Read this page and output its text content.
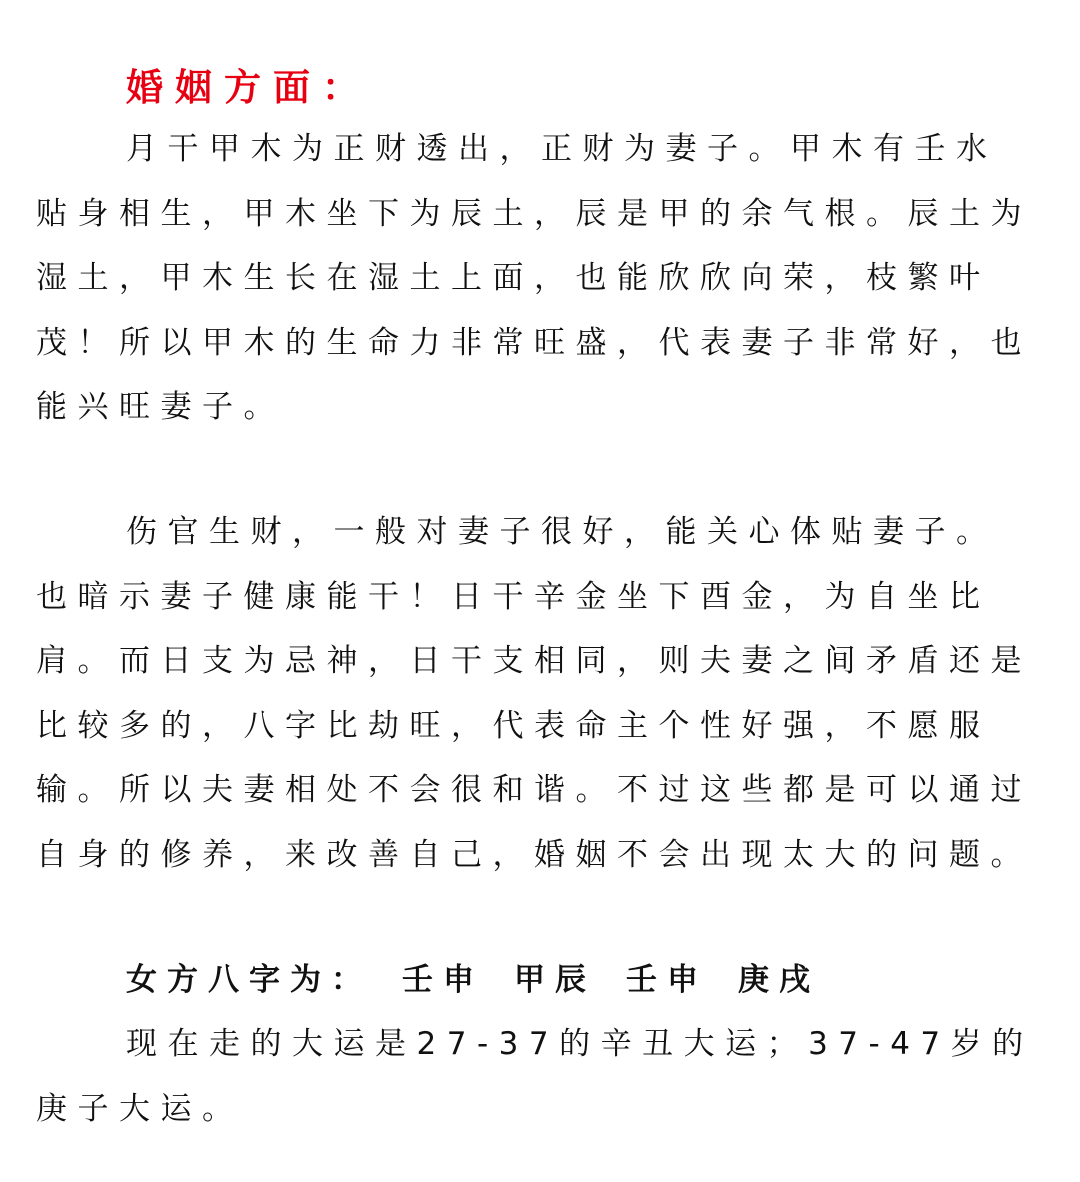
婚姻方面：

月干甲木为正财透出，正财为妻子。甲木有壬水贴身相生，甲木坐下为辰土，辰是甲的余气根。辰土为湿土，甲木生长在湿土上面，也能欣欣向荣，枝繁叶茂！所以甲木的生命力非常旺盛，代表妻子非常好，也能兴旺妻子。

伤官生财，一般对妻子很好，能关心体贴妻子。也暗示妻子健康能干！日干辛金坐下酉金，为自坐比肩。而日支为忌神，日干支相同，则夫妻之间矛盾还是比较多的，八字比劫旺，代表命主个性好强，不愿服输。所以夫妻相处不会很和谐。不过这些都是可以通过自身的修养，来改善自己，婚姻不会出现太大的问题。

女方八字为： 壬申 甲辰 壬申 庚戌

现在走的大运是27-37的辛丑大运；37-47岁的庚子大运。
